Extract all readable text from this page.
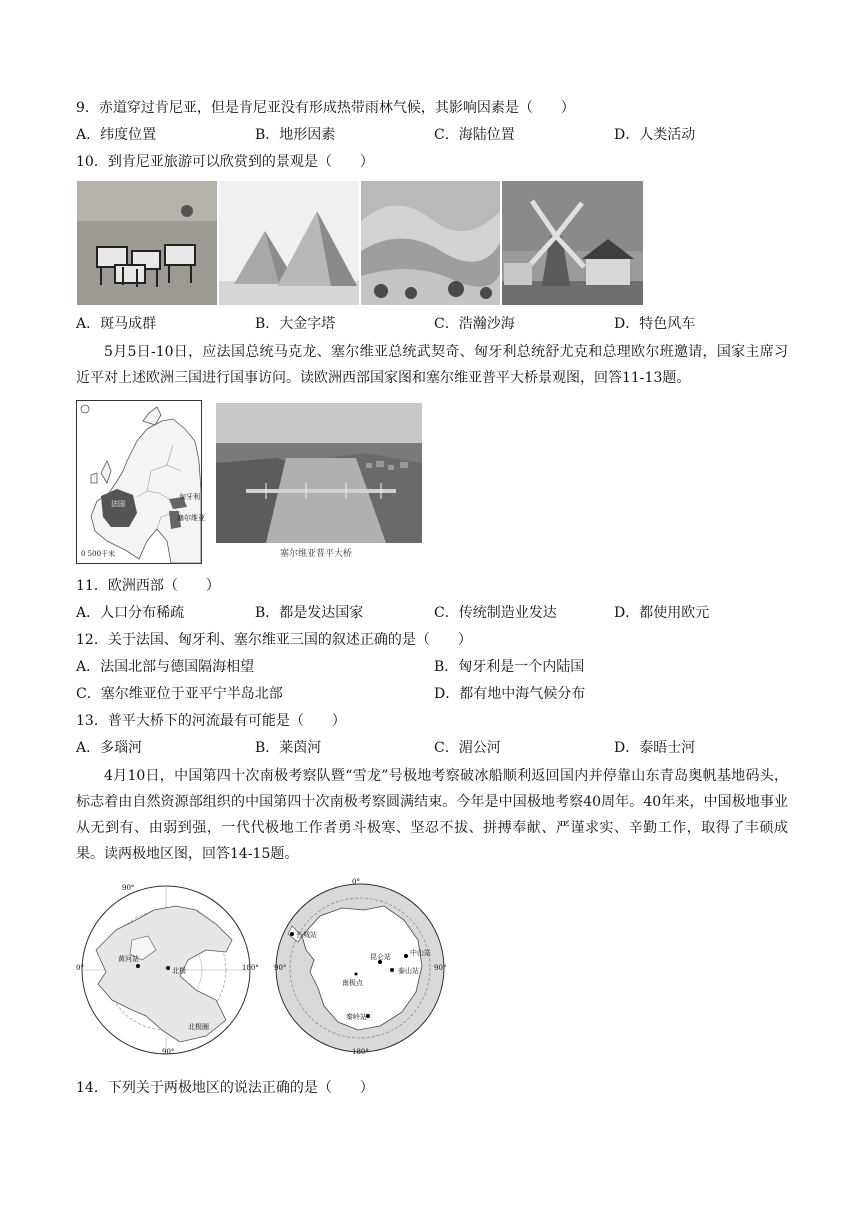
9．赤道穿过肯尼亚，但是肯尼亚没有形成热带雨林气候，其影响因素是（　　）
A．纬度位置	B．地形因素	C．海陆位置	D．人类活动
10．到肯尼亚旅游可以欣赏到的景观是（　　）
A．斑马成群	B．大金字塔	C．浩瀚沙海	D．特色风车
5月5日-10日，应法国总统马克龙、塞尔维亚总统武契奇、匈牙利总统舒尤克和总理欧尔班邀请，国家主席习近平对上述欧洲三国进行国事访问。读欧洲西部国家图和塞尔维亚普平大桥景观图，回答11-13题。
法国
匈牙利
塞尔维亚
0 500千米	塞尔维亚普平大桥
11．欧洲西部（　　）
A．人口分布稀疏	B．都是发达国家	C．传统制造业发达	D．都使用欧元
12．关于法国、匈牙利、塞尔维亚三国的叙述正确的是（　　）
A．法国北部与德国隔海相望	B．匈牙利是一个内陆国
C．塞尔维亚位于亚平宁半岛北部	D．都有地中海气候分布
13．普平大桥下的河流最有可能是（　　）
A．多瑙河	B．莱茵河	C．湄公河	D．泰晤士河
4月10日，中国第四十次南极考察队暨“雪龙”号极地考察破冰船顺利返回国内并停靠山东青岛奥帆基地码头，标志着由自然资源部组织的中国第四十次南极考察圆满结束。今年是中国极地考察40周年。40年来，中国极地事业从无到有、由弱到强，一代代极地工作者勇斗极寒、坚忍不拔、拼搏奉献、严谨求实、辛勤工作，取得了丰硕成果。读两极地区图，回答14-15题。
90°
180°
90°
0°
黄河站
北极
北极圈
长城站
昆仑站	中山站
泰山站
秦岭站
南极点
0°
90°	90°
180°
14．下列关于两极地区的说法正确的是（　　）
